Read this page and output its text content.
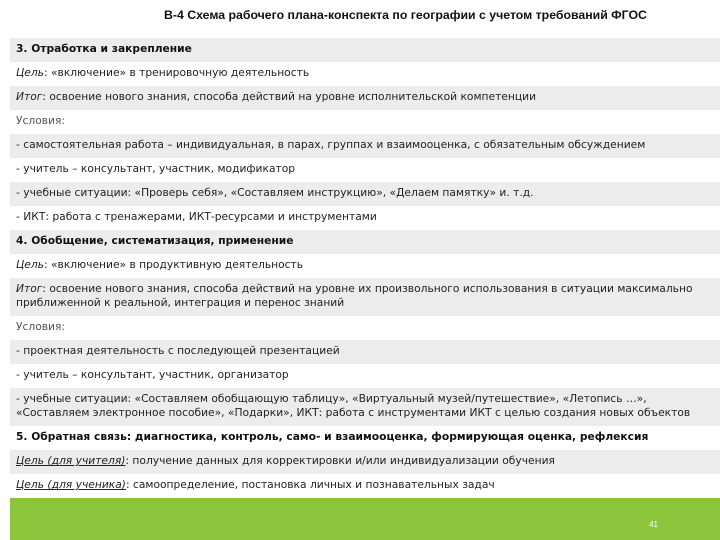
В-4 Схема рабочего плана-конспекта по географии с учетом требований ФГОС
3. Отработка и закрепление
Цель: «включение» в тренировочную деятельность
Итог: освоение нового знания, способа действий на уровне исполнительской компетенции
Условия:
- самостоятельная работа – индивидуальная, в парах, группах и взаимооценка, с обязательным обсуждением
- учитель – консультант, участник, модификатор
- учебные ситуации: «Проверь себя», «Составляем инструкцию», «Делаем памятку» и. т.д.
- ИКТ: работа с тренажерами, ИКТ-ресурсами и инструментами
4. Обобщение, систематизация, применение
Цель: «включение» в продуктивную деятельность
Итог: освоение нового знания, способа действий на уровне их произвольного использования в ситуации максимально приближенной к реальной, интеграция и перенос знаний
Условия:
- проектная деятельность с последующей презентацией
- учитель – консультант, участник, организатор
- учебные ситуации: «Составляем обобщающую таблицу», «Виртуальный музей/путешествие», «Летопись …», «Составляем электронное пособие», «Подарки», ИКТ: работа с инструментами ИКТ с целью создания новых объектов
5. Обратная связь: диагностика, контроль, само- и взаимооценка, формирующая оценка, рефлексия
Цель (для учителя): получение данных для корректировки и/или индивидуализации обучения
Цель (для ученика): самоопределение, постановка личных и познавательных задач
41
